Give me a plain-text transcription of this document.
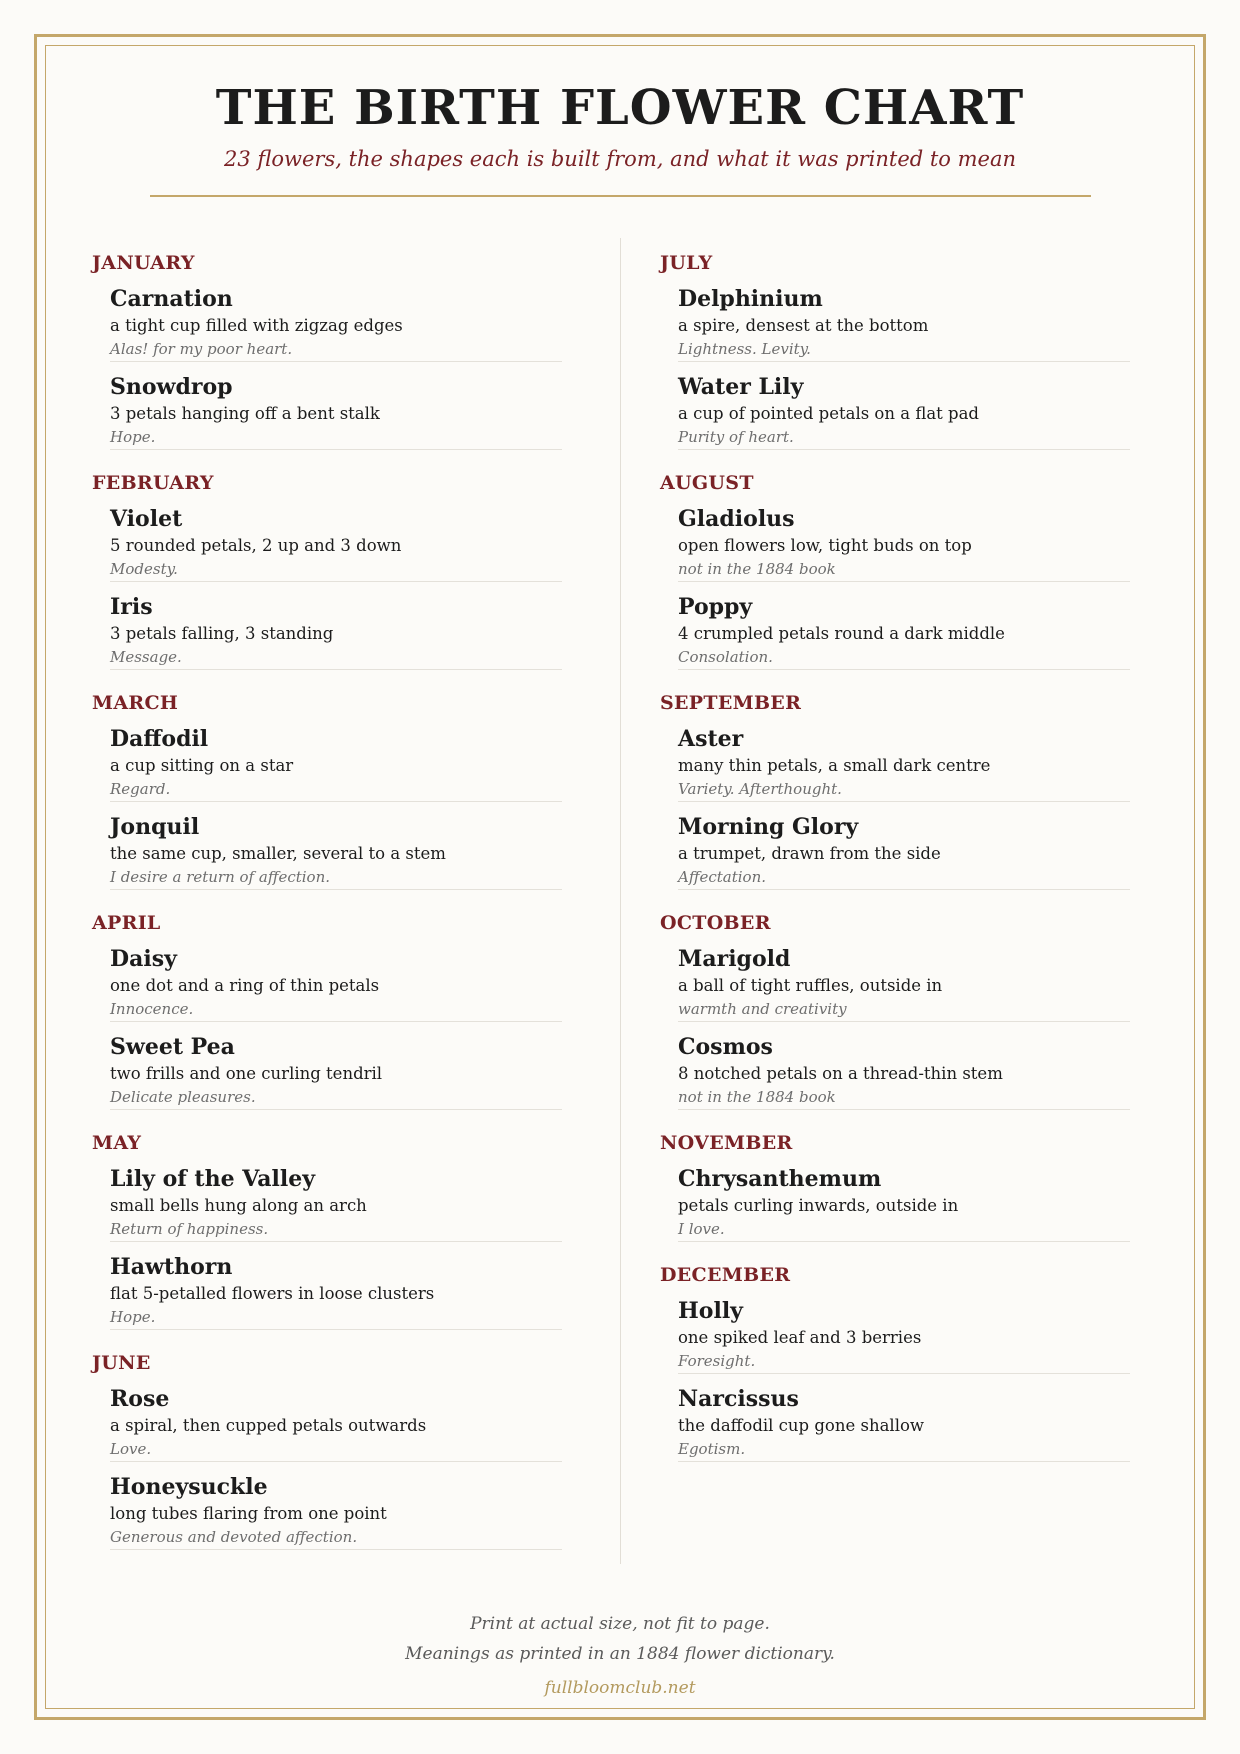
THE BIRTH FLOWER CHART
23 flowers, the shapes each is built from, and what it was printed to mean
JANUARY
Carnation
a tight cup filled with zigzag edges
Alas! for my poor heart.
Snowdrop
3 petals hanging off a bent stalk
Hope.
FEBRUARY
Violet
5 rounded petals, 2 up and 3 down
Modesty.
Iris
3 petals falling, 3 standing
Message.
MARCH
Daffodil
a cup sitting on a star
Regard.
Jonquil
the same cup, smaller, several to a stem
I desire a return of affection.
APRIL
Daisy
one dot and a ring of thin petals
Innocence.
Sweet Pea
two frills and one curling tendril
Delicate pleasures.
MAY
Lily of the Valley
small bells hung along an arch
Return of happiness.
Hawthorn
flat 5-petalled flowers in loose clusters
Hope.
JUNE
Rose
a spiral, then cupped petals outwards
Love.
Honeysuckle
long tubes flaring from one point
Generous and devoted affection.
JULY
Delphinium
a spire, densest at the bottom
Lightness. Levity.
Water Lily
a cup of pointed petals on a flat pad
Purity of heart.
AUGUST
Gladiolus
open flowers low, tight buds on top
not in the 1884 book
Poppy
4 crumpled petals round a dark middle
Consolation.
SEPTEMBER
Aster
many thin petals, a small dark centre
Variety. Afterthought.
Morning Glory
a trumpet, drawn from the side
Affectation.
OCTOBER
Marigold
a ball of tight ruffles, outside in
warmth and creativity
Cosmos
8 notched petals on a thread-thin stem
not in the 1884 book
NOVEMBER
Chrysanthemum
petals curling inwards, outside in
I love.
DECEMBER
Holly
one spiked leaf and 3 berries
Foresight.
Narcissus
the daffodil cup gone shallow
Egotism.
Print at actual size, not fit to page.
Meanings as printed in an 1884 flower dictionary.
fullbloomclub.net
